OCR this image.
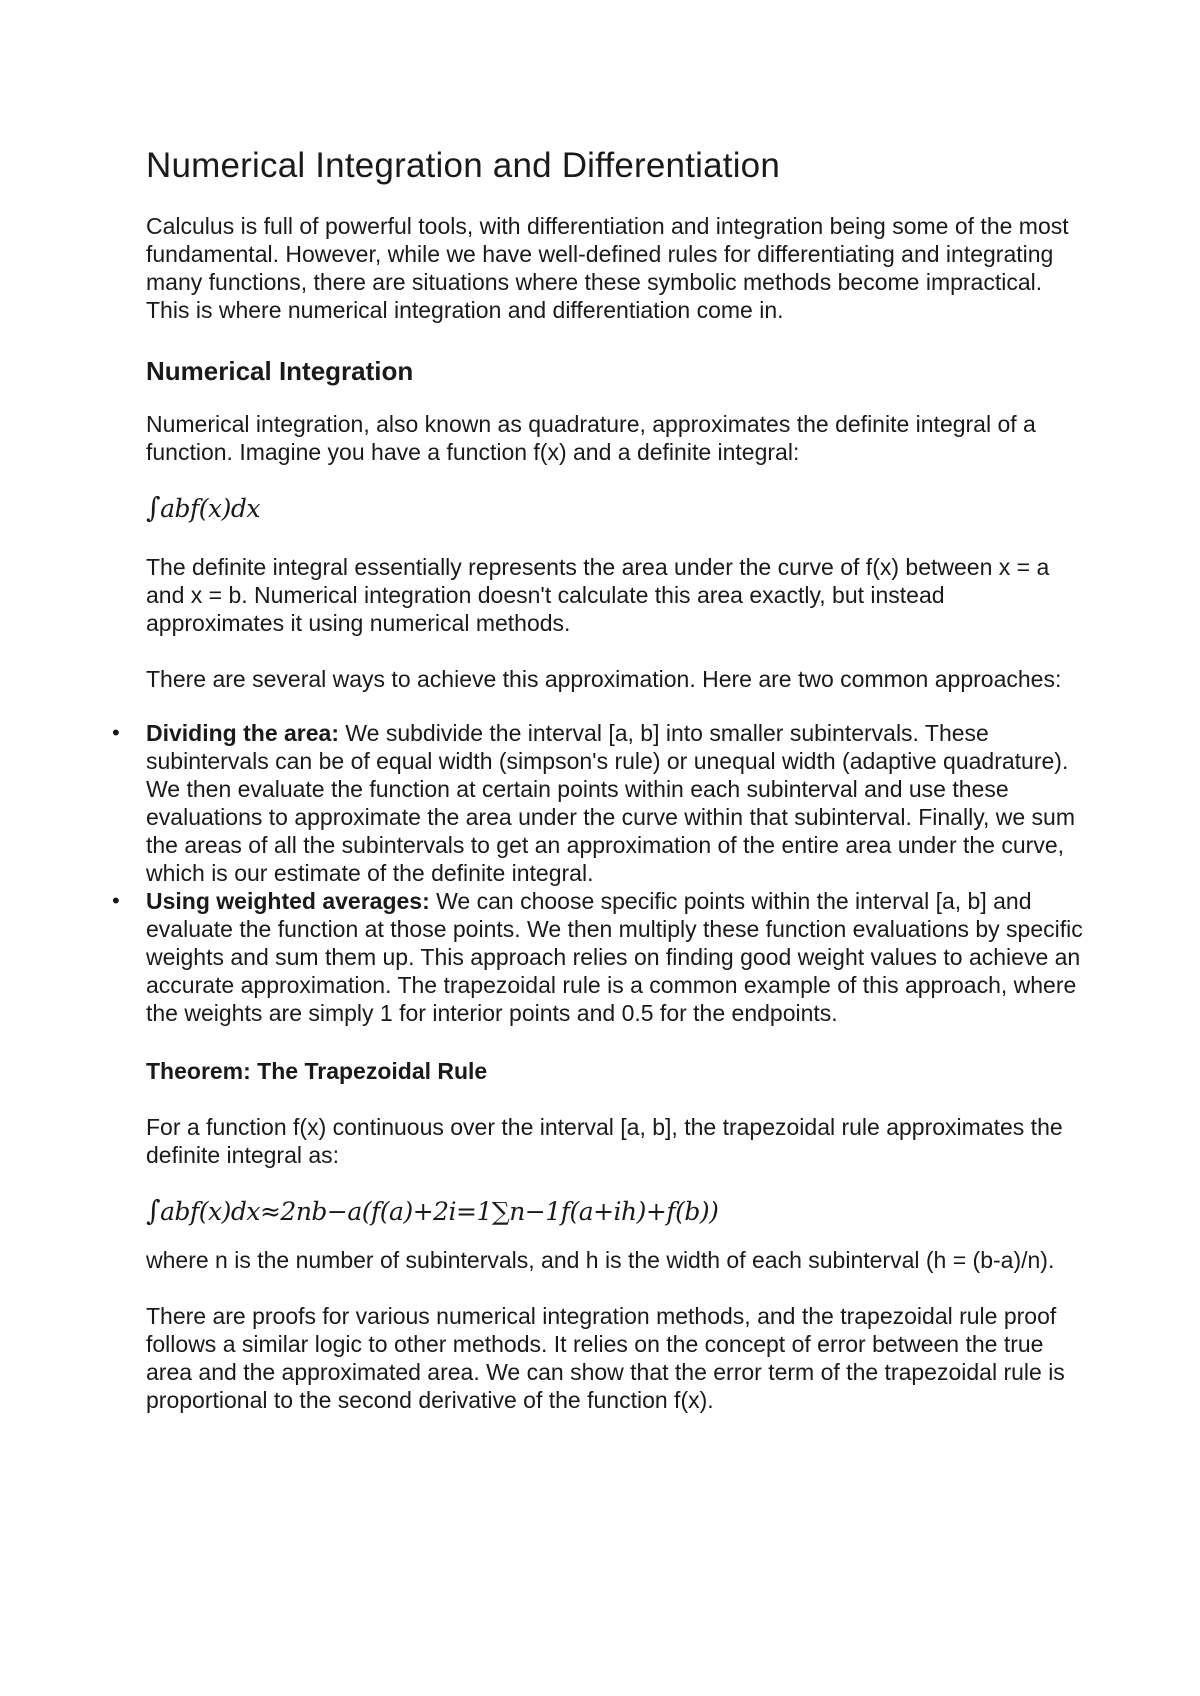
Numerical Integration and Differentiation

Calculus is full of powerful tools, with differentiation and integration being some of the most fundamental. However, while we have well-defined rules for differentiating and integrating many functions, there are situations where these symbolic methods become impractical. This is where numerical integration and differentiation come in.

Numerical Integration

Numerical integration, also known as quadrature, approximates the definite integral of a function. Imagine you have a function f(x) and a definite integral:

∫abf(x)dx

The definite integral essentially represents the area under the curve of f(x) between x = a and x = b. Numerical integration doesn't calculate this area exactly, but instead approximates it using numerical methods.

There are several ways to achieve this approximation. Here are two common approaches:

• Dividing the area: We subdivide the interval [a, b] into smaller subintervals. These subintervals can be of equal width (simpson's rule) or unequal width (adaptive quadrature). We then evaluate the function at certain points within each subinterval and use these evaluations to approximate the area under the curve within that subinterval. Finally, we sum the areas of all the subintervals to get an approximation of the entire area under the curve, which is our estimate of the definite integral.
• Using weighted averages: We can choose specific points within the interval [a, b] and evaluate the function at those points. We then multiply these function evaluations by specific weights and sum them up. This approach relies on finding good weight values to achieve an accurate approximation. The trapezoidal rule is a common example of this approach, where the weights are simply 1 for interior points and 0.5 for the endpoints.

Theorem: The Trapezoidal Rule

For a function f(x) continuous over the interval [a, b], the trapezoidal rule approximates the definite integral as:

∫abf(x)dx≈2nb−a(f(a)+2i=1∑n−1f(a+ih)+f(b))

where n is the number of subintervals, and h is the width of each subinterval (h = (b-a)/n).

There are proofs for various numerical integration methods, and the trapezoidal rule proof follows a similar logic to other methods. It relies on the concept of error between the true area and the approximated area. We can show that the error term of the trapezoidal rule is proportional to the second derivative of the function f(x).
